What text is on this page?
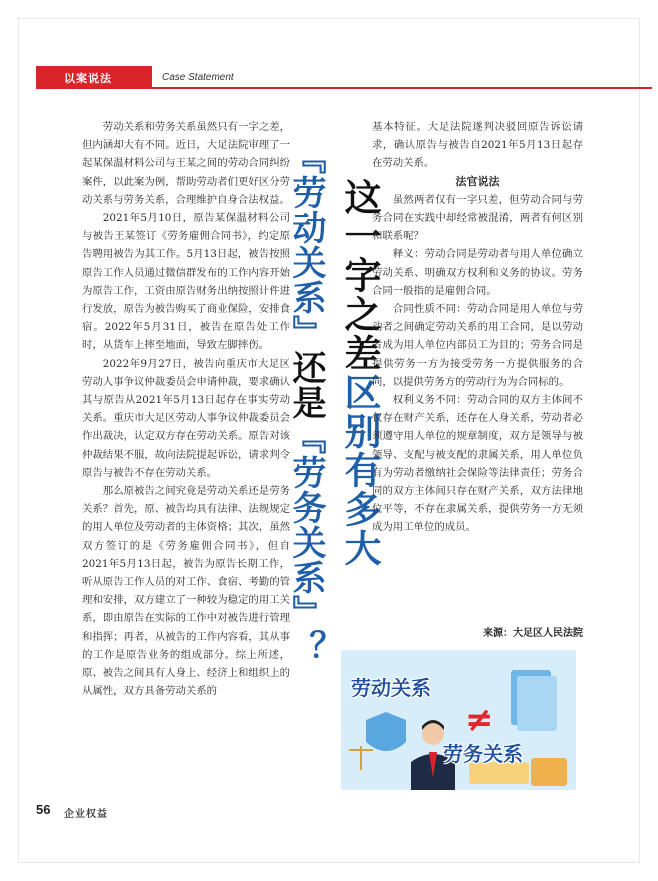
以案说法	Case Statement

劳动关系和劳务关系虽然只有一字之差，但内涵却大有不同。近日，大足法院审理了一起某保温材料公司与王某之间的劳动合同纠纷案件，以此案为例，帮助劳动者们更好区分劳动关系与劳务关系，合理维护自身合法权益。

2021年5月10日，原告某保温材料公司与被告王某签订《劳务雇佣合同书》，约定原告聘用被告为其工作。5月13日起，被告按照原告工作人员通过微信群发布的工作内容开始为原告工作，工资由原告财务出纳按照计件进行发放，原告为被告购买了商业保险，安排食宿。2022年5月31日，被告在原告处工作时，从货车上摔至地面，导致左脚摔伤。

2022年9月27日，被告向重庆市大足区劳动人事争议仲裁委员会申请仲裁，要求确认其与原告从2021年5月13日起存在事实劳动关系。重庆市大足区劳动人事争议仲裁委员会作出裁决，认定双方存在劳动关系。原告对该仲裁结果不服，故向法院提起诉讼，请求判令原告与被告不存在劳动关系。

那么原被告之间究竟是劳动关系还是劳务关系？首先，原、被告均具有法律、法规规定的用人单位及劳动者的主体资格；其次，虽然双方签订的是《劳务雇佣合同书》，但自2021年5月13日起，被告为原告长期工作，听从原告工作人员的对工作、食宿、考勤的管理和安排，双方建立了一种较为稳定的用工关系，即由原告在实际的工作中对被告进行管理和指挥；再者，从被告的工作内容看，其从事的工作是原告业务的组成部分。综上所述，原、被告之间具有人身上、经济上和组织上的从属性，双方具备劳动关系的

『劳动关系』还是『劳务关系』？
这一字之差区别有多大

基本特征。大足法院遂判决驳回原告诉讼请求，确认原告与被告自2021年5月13日起存在劳动关系。

法官说法

虽然两者仅有一字只差，但劳动合同与劳务合同在实践中却经常被混淆，两者有何区别和联系呢？

释义：劳动合同是劳动者与用人单位确立劳动关系、明确双方权利和义务的协议。劳务合同一般指的是雇佣合同。

合同性质不同：劳动合同是用人单位与劳动者之间确定劳动关系的用工合同，是以劳动者成为用人单位内部员工为目的；劳务合同是提供劳务一方为接受劳务一方提供服务的合同，以提供劳务方的劳动行为为合同标的。

权利义务不同：劳动合同的双方主体间不仅存在财产关系，还存在人身关系，劳动者必须遵守用人单位的规章制度，双方是领导与被领导、支配与被支配的隶属关系，用人单位负有为劳动者缴纳社会保险等法律责任；劳务合同的双方主体间只存在财产关系，双方法律地位平等，不存在隶属关系，提供劳务一方无须成为用工单位的成员。

来源：大足区人民法院
劳动关系
≠
劳务关系
56 企业权益
